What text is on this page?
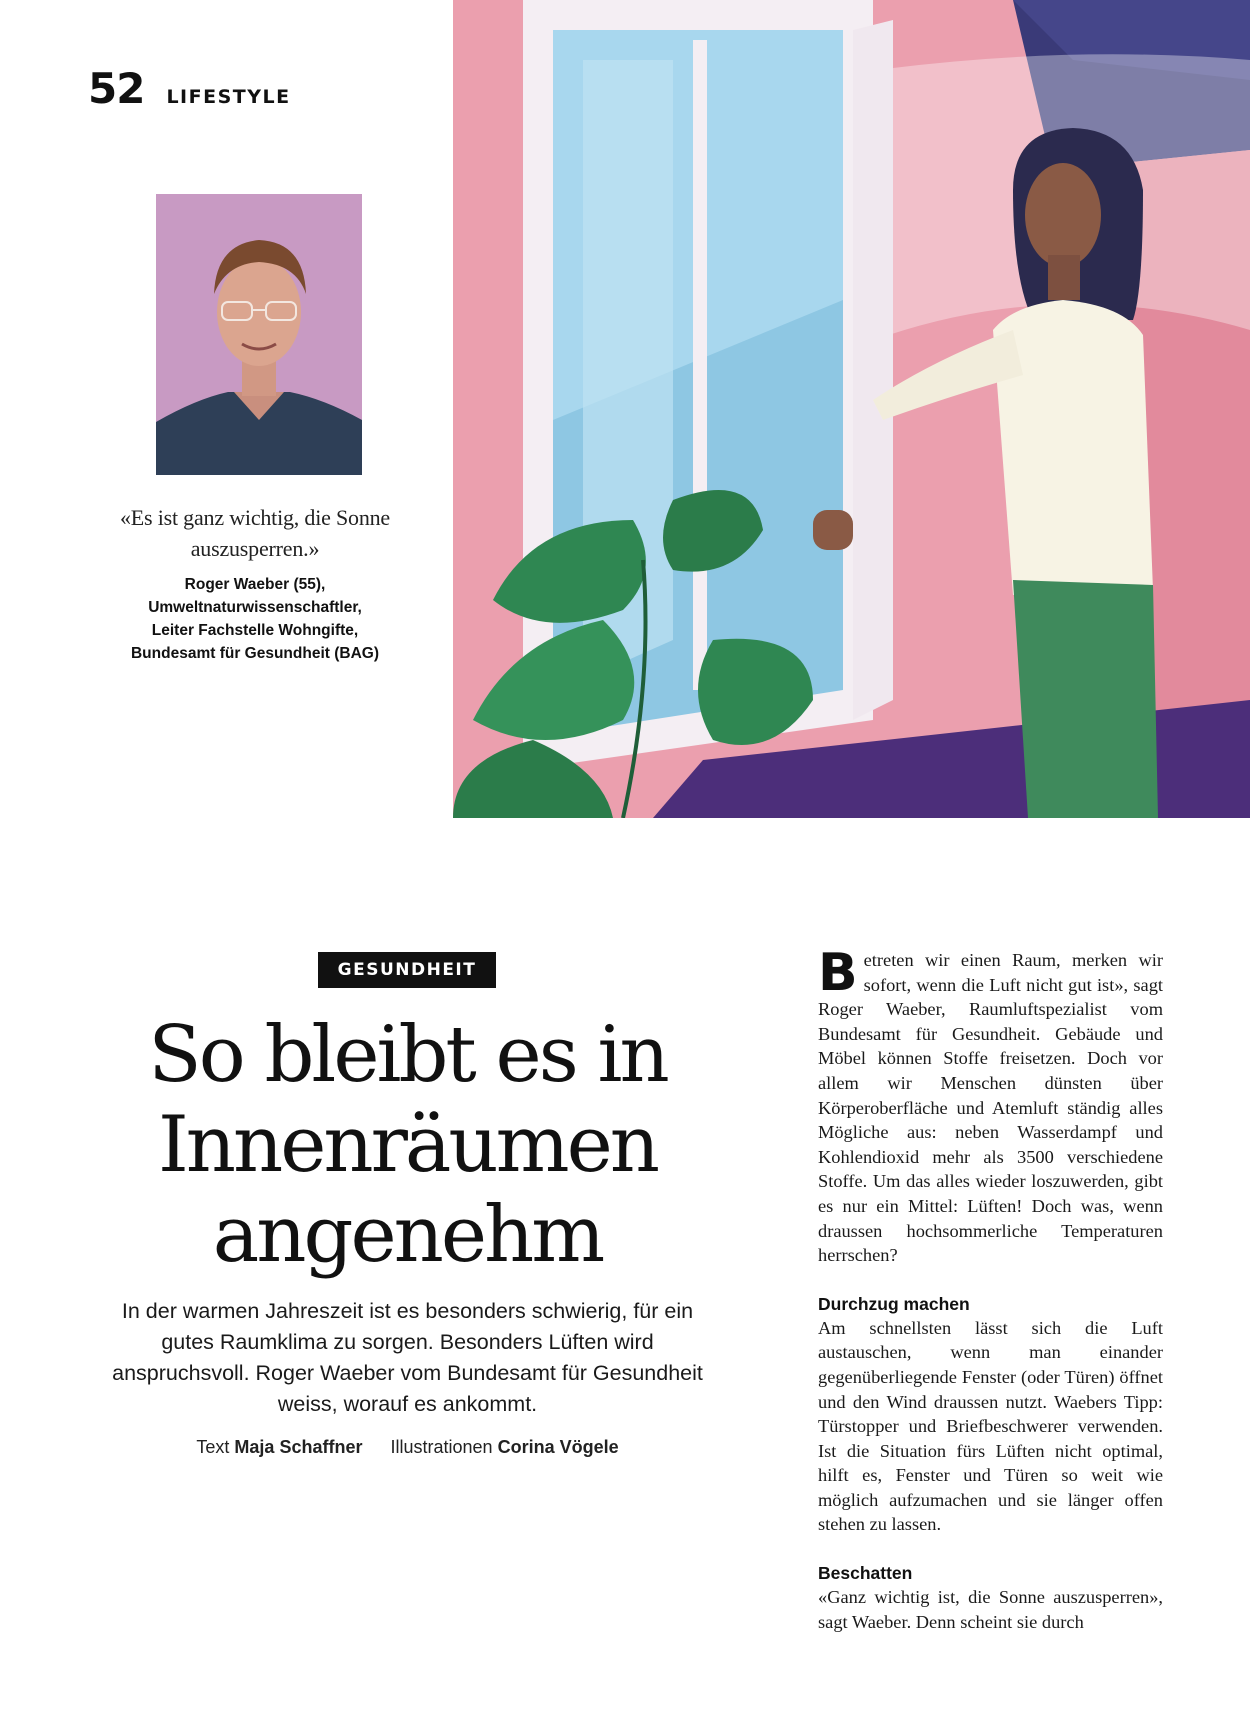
52 LIFESTYLE
«Es ist ganz wichtig, die Sonne auszusperren.»
Roger Waeber (55),
Umweltnaturwissenschaftler,
Leiter Fachstelle Wohngifte,
Bundesamt für Gesundheit (BAG)
GESUNDHEIT
So bleibt es in Innenräumen angenehm
In der warmen Jahreszeit ist es besonders schwierig, für ein gutes Raumklima zu sorgen. Besonders Lüften wird anspruchsvoll. Roger Waeber vom Bundesamt für Gesundheit weiss, worauf es ankommt.
Text Maja Schaffner Illustrationen Corina Vögele

Betreten wir einen Raum, merken wir sofort, wenn die Luft nicht gut ist», sagt Roger Waeber, Raumluftspezialist vom Bundesamt für Gesundheit. Gebäude und Möbel können Stoffe freisetzen. Doch vor allem wir Menschen dünsten über Körperoberfläche und Atemluft ständig alles Mögliche aus: neben Wasserdampf und Kohlendioxid mehr als 3500 verschiedene Stoffe. Um das alles wieder loszuwerden, gibt es nur ein Mittel: Lüften! Doch was, wenn draussen hochsommerliche Temperaturen herrschen?

Durchzug machen

Am schnellsten lässt sich die Luft austauschen, wenn man einander gegenüberliegende Fenster (oder Türen) öffnet und den Wind draussen nutzt. Waebers Tipp: Türstopper und Briefbeschwerer verwenden. Ist die Situation fürs Lüften nicht optimal, hilft es, Fenster und Türen so weit wie möglich aufzumachen und sie länger offen stehen zu lassen.

Beschatten

«Ganz wichtig ist, die Sonne auszusperren», sagt Waeber. Denn scheint sie durch
